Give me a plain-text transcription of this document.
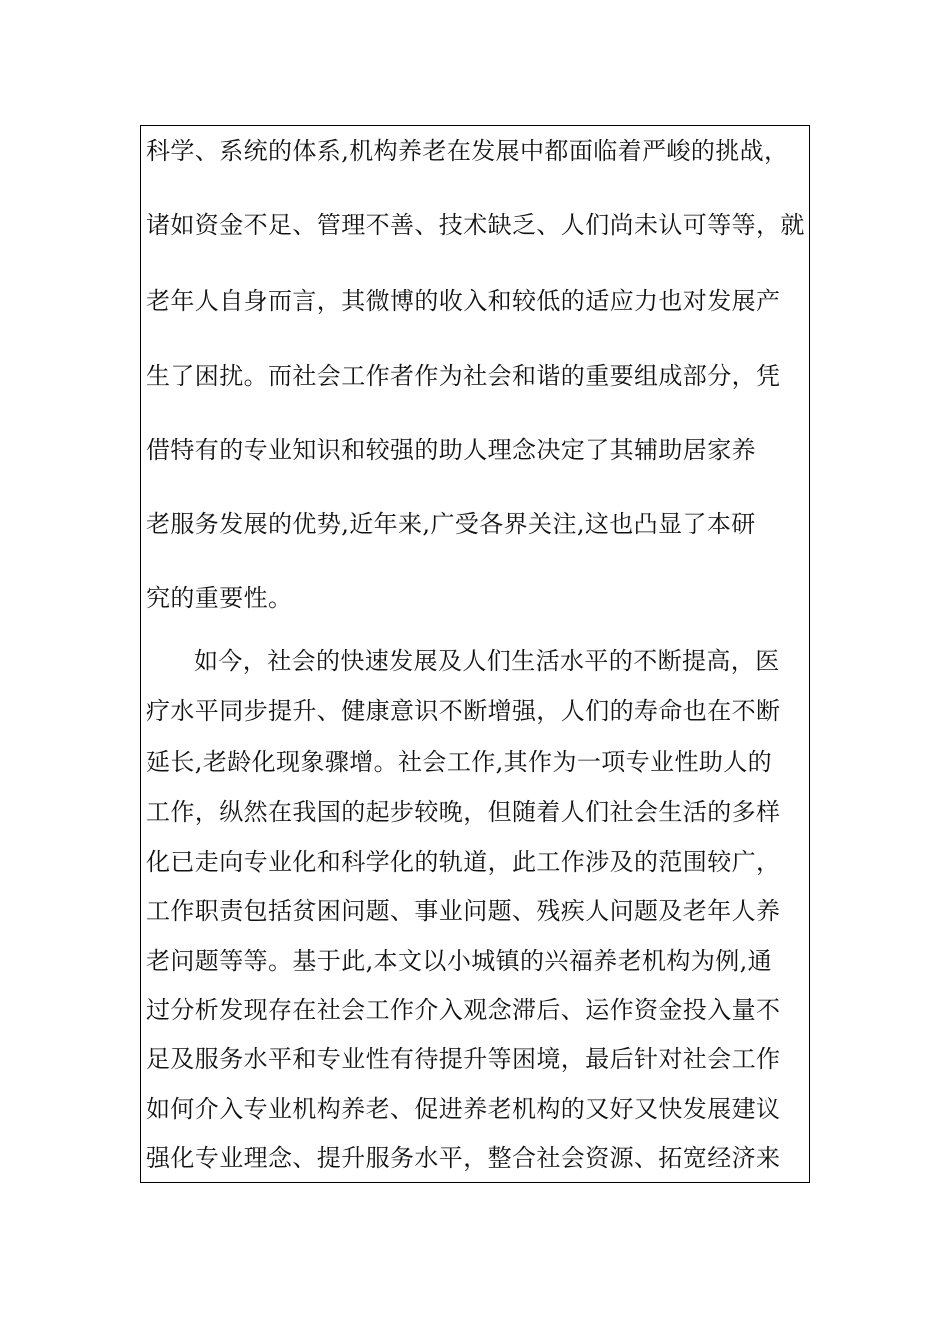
科学、系统的体系,机构养老在发展中都面临着严峻的挑战，
诸如资金不足、管理不善、技术缺乏、人们尚未认可等等，就
老年人自身而言，其微博的收入和较低的适应力也对发展产
生了困扰。而社会工作者作为社会和谐的重要组成部分，凭
借特有的专业知识和较强的助人理念决定了其辅助居家养
老服务发展的优势,近年来,广受各界关注,这也凸显了本研
究的重要性。
如今，社会的快速发展及人们生活水平的不断提高，医
疗水平同步提升、健康意识不断增强，人们的寿命也在不断
延长,老龄化现象骤增。社会工作,其作为一项专业性助人的
工作，纵然在我国的起步较晚，但随着人们社会生活的多样
化已走向专业化和科学化的轨道，此工作涉及的范围较广，
工作职责包括贫困问题、事业问题、残疾人问题及老年人养
老问题等等。基于此,本文以小城镇的兴福养老机构为例,通
过分析发现存在社会工作介入观念滞后、运作资金投入量不
足及服务水平和专业性有待提升等困境，最后针对社会工作
如何介入专业机构养老、促进养老机构的又好又快发展建议
强化专业理念、提升服务水平，整合社会资源、拓宽经济来
